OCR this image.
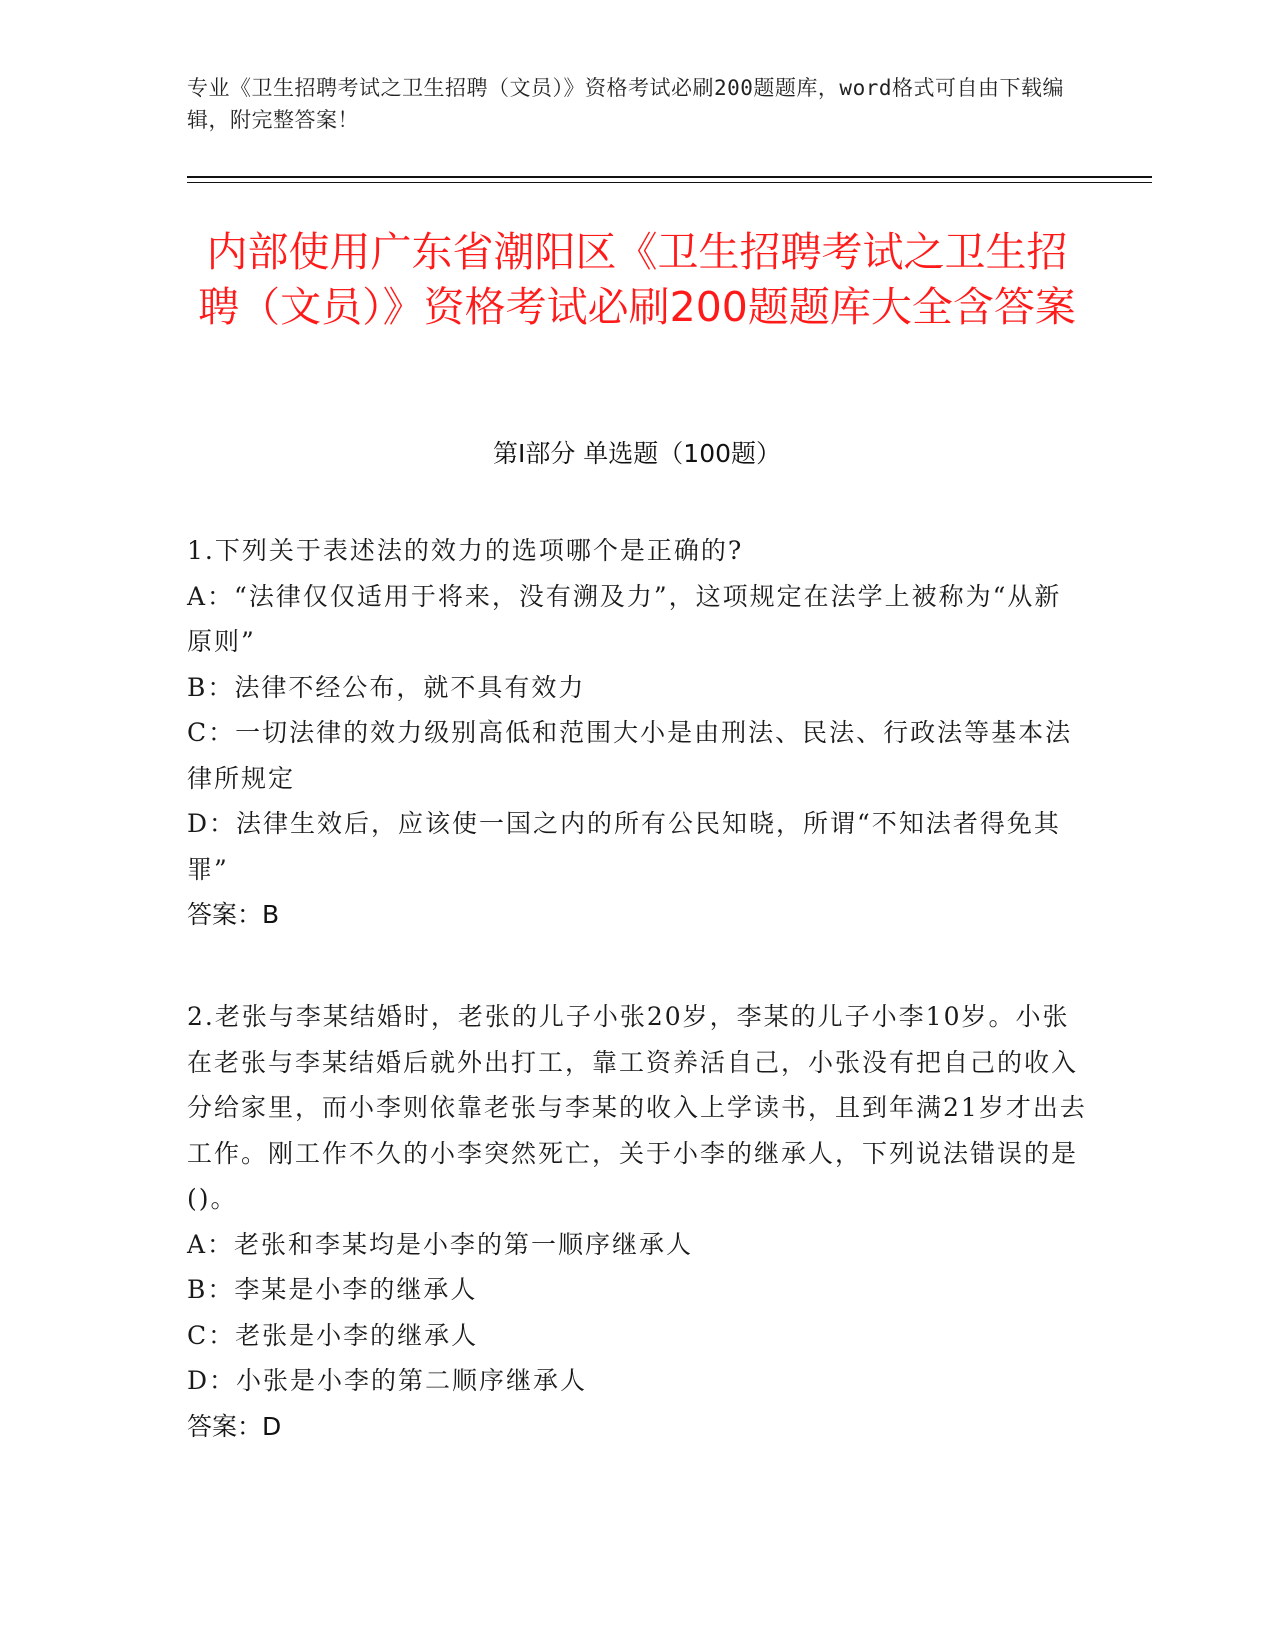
专业《卫生招聘考试之卫生招聘（文员）》资格考试必刷200题题库，word格式可自由下载编辑，附完整答案！
内部使用广东省潮阳区《卫生招聘考试之卫生招聘（文员）》资格考试必刷200题题库大全含答案
第I部分 单选题（100题）

1.下列关于表述法的效力的选项哪个是正确的?

A：“法律仅仅适用于将来，没有溯及力”，这项规定在法学上被称为“从新原则”

B：法律不经公布，就不具有效力

C：一切法律的效力级别高低和范围大小是由刑法、民法、行政法等基本法律所规定

D：法律生效后，应该使一国之内的所有公民知晓，所谓“不知法者得免其罪”

答案：B

2.老张与李某结婚时，老张的儿子小张20岁，李某的儿子小李10岁。小张在老张与李某结婚后就外出打工，靠工资养活自己，小张没有把自己的收入分给家里，而小李则依靠老张与李某的收入上学读书，且到年满21岁才出去工作。刚工作不久的小李突然死亡，关于小李的继承人，下列说法错误的是()。

A：老张和李某均是小李的第一顺序继承人

B：李某是小李的继承人

C：老张是小李的继承人

D：小张是小李的第二顺序继承人

答案：D
